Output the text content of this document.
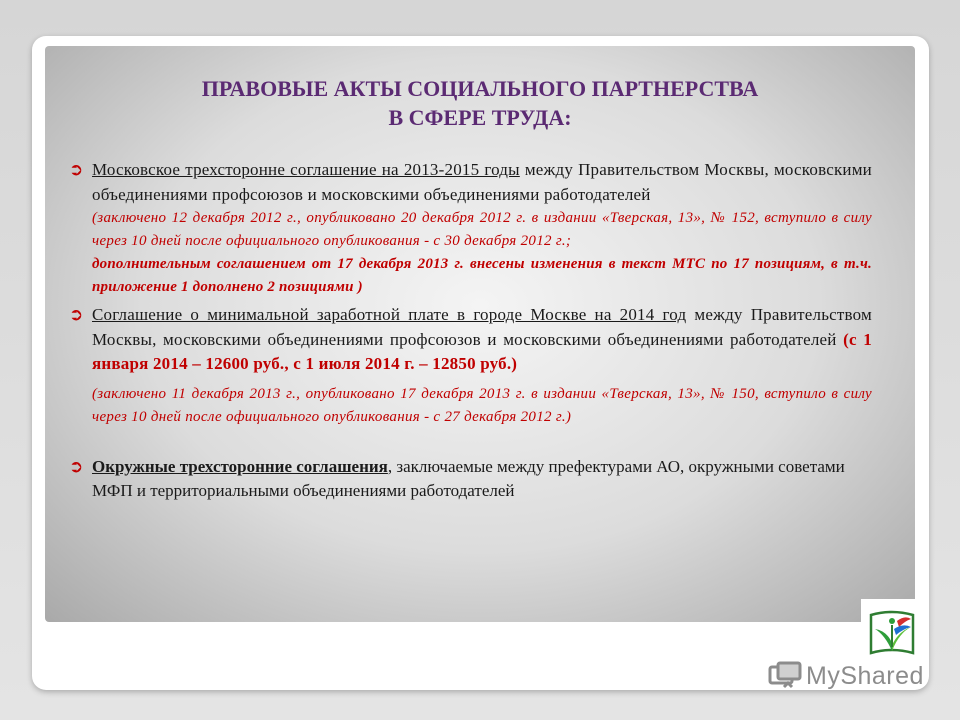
ПРАВОВЫЕ АКТЫ СОЦИАЛЬНОГО ПАРТНЕРСТВА
В СФЕРЕ ТРУДА:
➲ Московское трехсторонне соглашение на 2013-2015 годы между Правительством Москвы, московскими объединениями профсоюзов и московскими объединениями работодателей
(заключено 12 декабря 2012 г., опубликовано 20 декабря 2012 г. в издании «Тверская, 13», № 152, вступило в силу через 10 дней после официального опубликования - с 30 декабря 2012 г.;
дополнительным соглашением от 17 декабря 2013 г. внесены изменения в текст МТС по 17 позициям, в т.ч. приложение 1 дополнено 2 позициями )
➲ Соглашение о минимальной заработной плате в городе Москве на 2014 год между Правительством Москвы, московскими объединениями профсоюзов и московскими объединениями работодателей (с 1 января 2014 – 12600 руб., с 1 июля 2014 г. – 12850 руб.)
(заключено 11 декабря 2013 г., опубликовано 17 декабря 2013 г. в издании «Тверская, 13», № 150, вступило в силу через 10 дней после официального опубликования - с 27 декабря 2012 г.)
➲ Окружные трехсторонние соглашения, заключаемые между префектурами АО, окружными советами МФП и территориальными объединениями работодателей
MyShared
